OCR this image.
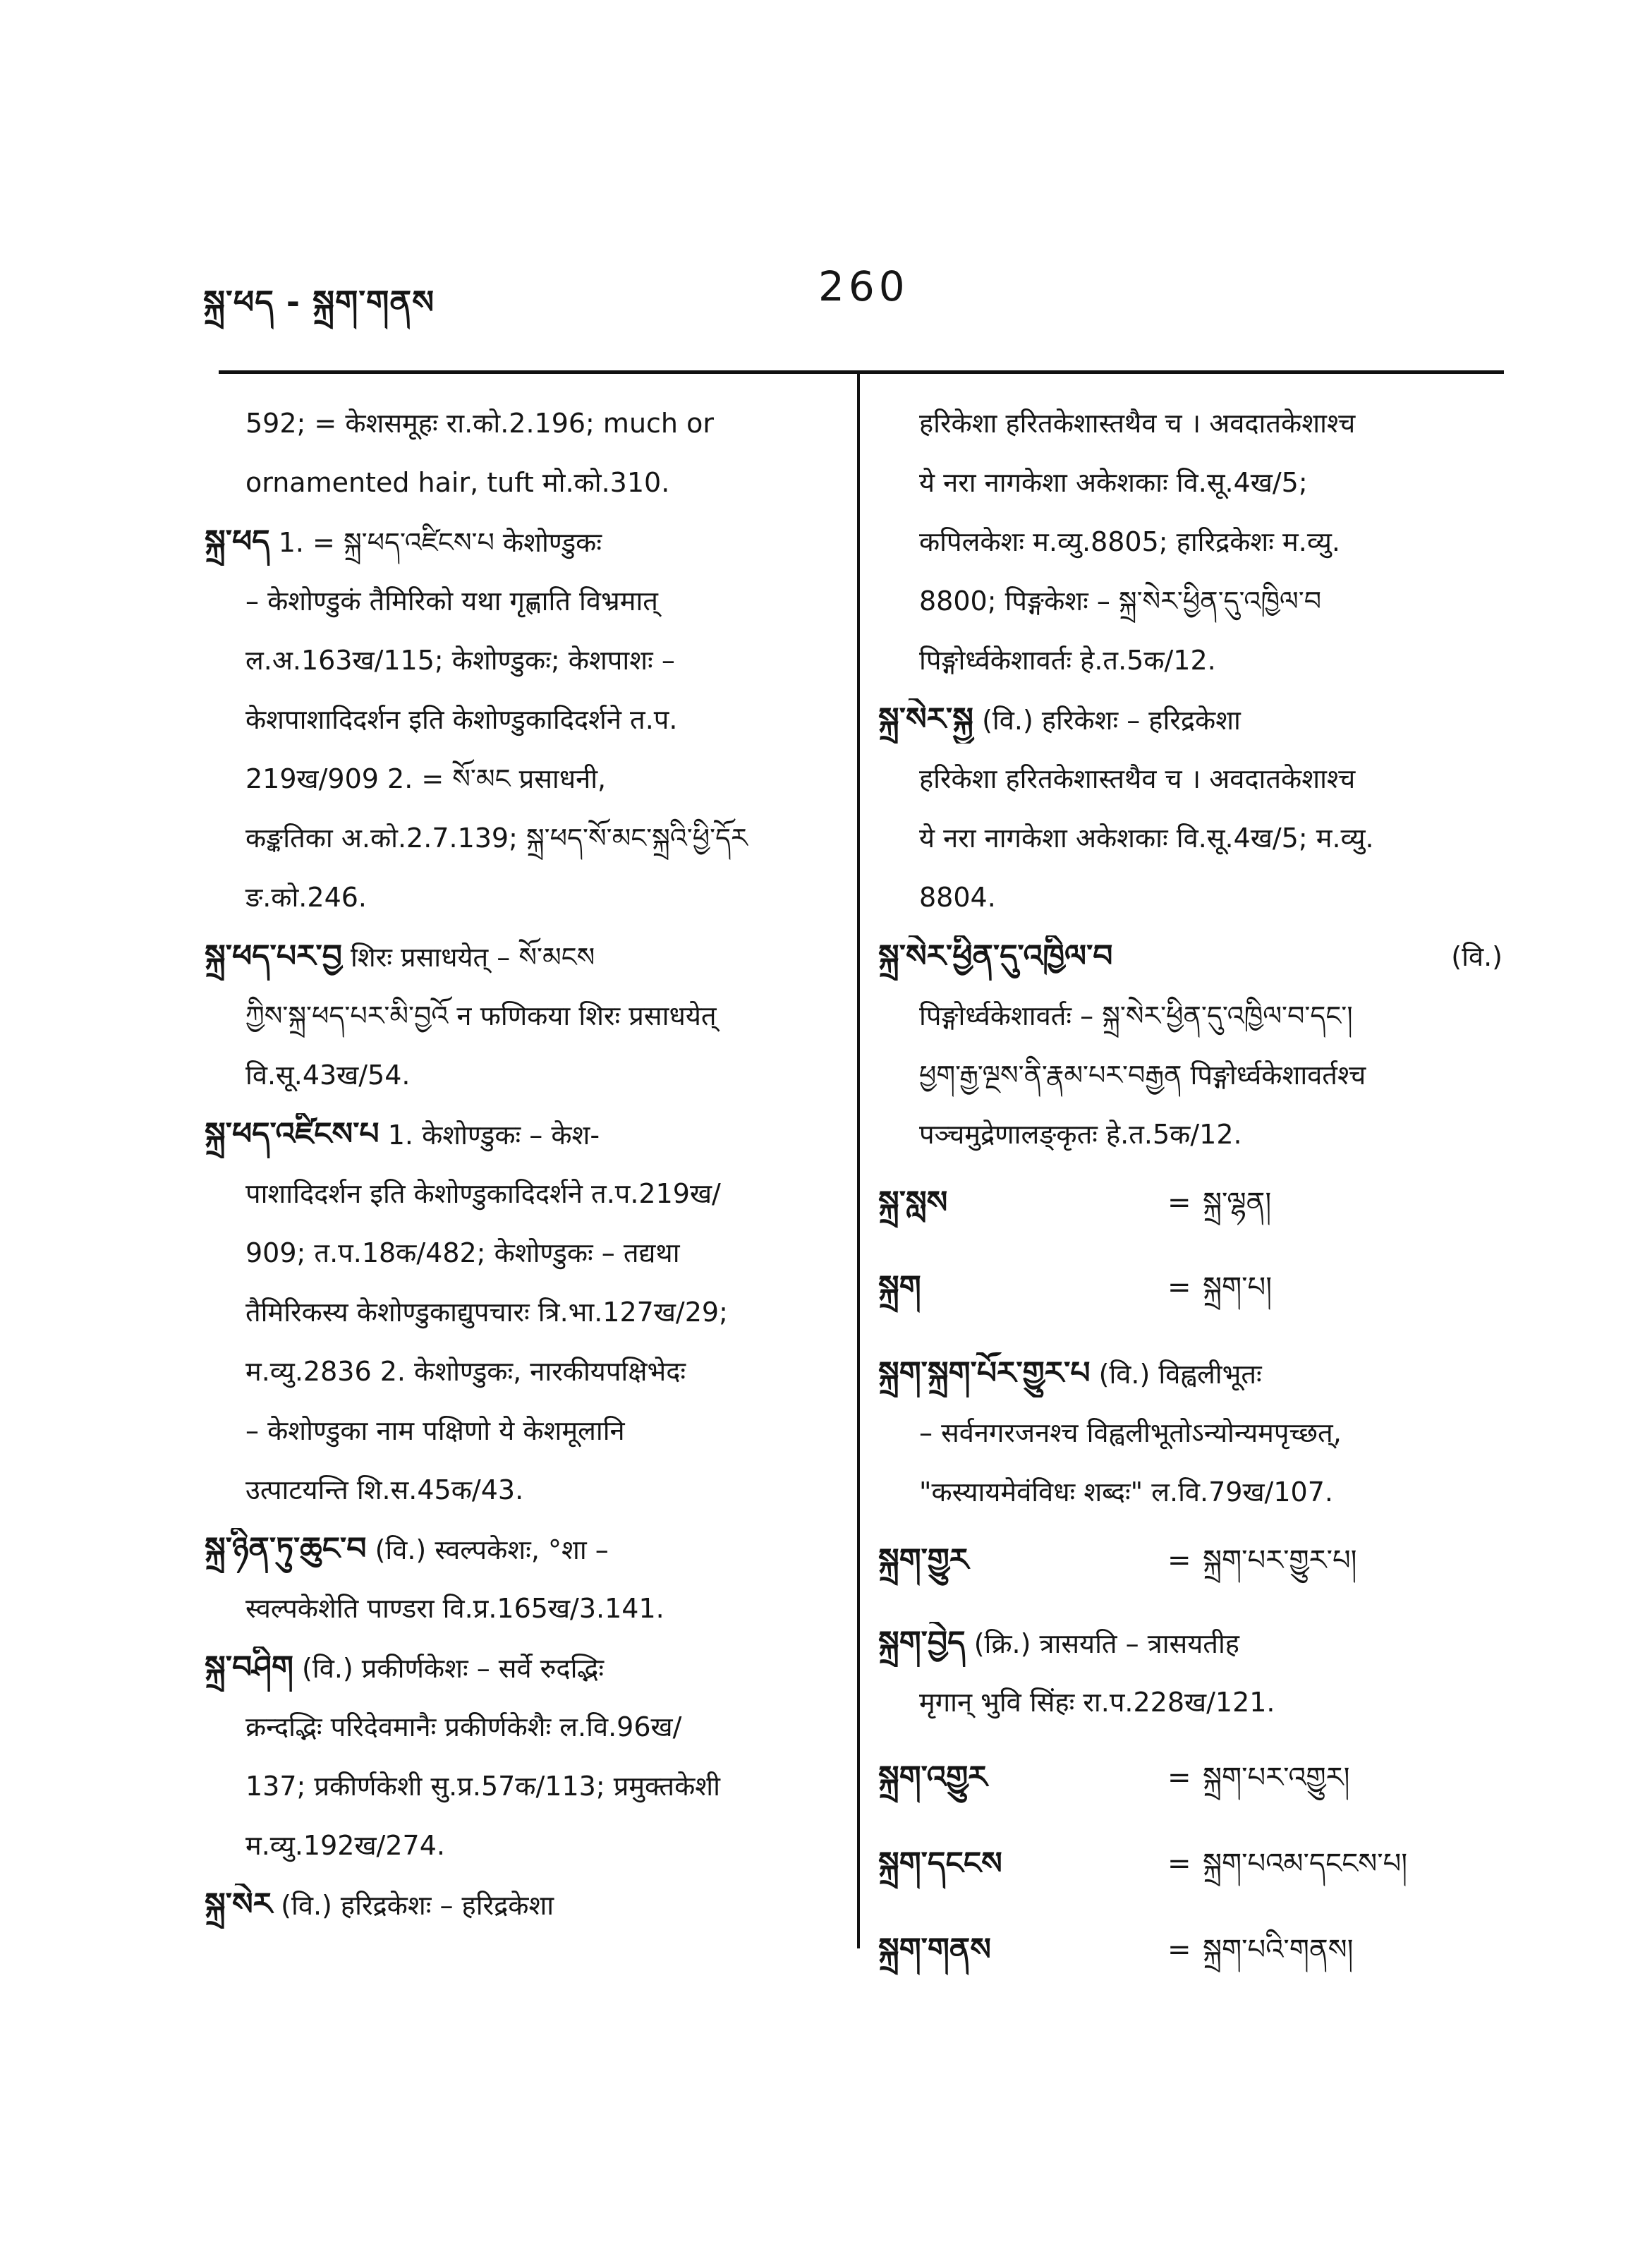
སྐྲ་ཕད - སྐྲག་གནས	260
592; = केशसमूहः रा.को.2.196; much or
ornamented hair, tuft मो.को.310.
སྐྲ་ཕད 1. = སྐྲ་ཕད་འཛིངས་པ केशोण्डुकः
– केशोण्डुकं तैमिरिको यथा गृह्णाति विभ्रमात्
ल.अ.163ख/115; केशोण्डुकः; केशपाशः –
केशपाशादिदर्शन इति केशोण्डुकादिदर्शने त.प.
219ख/909 2. = སོ་མང प्रसाधनी,
कङ्कतिका अ.को.2.7.139; སྐྲ་ཕད་སོ་མང་སྐྲའི་ཕྱི་དོར
ङ.को.246.
སྐྲ་ཕད་པར་བྱ शिरः प्रसाधयेत् – སོ་མངས
ཀྱིས་སྐྲ་ཕད་པར་མི་བྱའོ न फणिकया शिरः प्रसाधयेत्
वि.सू.43ख/54.
སྐྲ་ཕད་འཛིངས་པ 1. केशोण्डुकः – केश-
पाशादिदर्शन इति केशोण्डुकादिदर्शने त.प.219ख/
909; त.प.18क/482; केशोण्डुकः – तद्यथा
तैमिरिकस्य केशोण्डुकाद्युपचारः त्रि.भा.127ख/29;
म.व्यु.2836 2. केशोण्डुकः, नारकीयपक्षिभेदः
– केशोण्डुका नाम पक्षिणो ये केशमूलानि
उत्पाटयन्ति शि.स.45क/43.
སྐྲ་ཉིན་ཏུ་ཆུང་བ (वि.) स्वल्पकेशः, °शा –
स्वल्पकेशेति पाण्डरा वि.प्र.165ख/3.141.
སྐྲ་བཤིག (वि.) प्रकीर्णकेशः – सर्वे रुदद्भिः
क्रन्दद्भिः परिदेवमानैः प्रकीर्णकेशैः ल.वि.96ख/
137; प्रकीर्णकेशी सु.प्र.57क/113; प्रमुक्तकेशी
म.व्यु.192ख/274.
སྐྲ་སེར (वि.) हरिद्रकेशः – हरिद्रकेशा
हरिकेशा हरितकेशास्तथैव च । अवदातकेशाश्च
ये नरा नागकेशा अकेशकाः वि.सू.4ख/5;
कपिलकेशः म.व्यु.8805; हारिद्रकेशः म.व्यु.
8800; पिङ्गकेशः – སྐྲ་སེར་ཕྱིན་དུ་འཁྱིལ་བ
पिङ्गोर्ध्वकेशावर्तः हे.त.5क/12.
སྐྲ་སེར་སྐྱ (वि.) हरिकेशः – हरिद्रकेशा
हरिकेशा हरितकेशास्तथैव च । अवदातकेशाश्च
ये नरा नागकेशा अकेशकाः वि.सू.4ख/5; म.व्यु.
8804.
སྐྲ་སེར་ཕྱིན་དུ་འཁྱིལ་བ	(वि.)
पिङ्गोर्ध्वकेशावर्तः – སྐྲ་སེར་ཕྱིན་དུ་འཁྱིལ་བ་དང་།
ཕྱག་རྒྱ་ལྔས་ནི་རྣམ་པར་བརྒྱན पिङ्गोर्ध्वकेशावर्तश्च
पञ्चमुद्रेणालङ्कृतः हे.त.5क/12.
སྐྲ་སླས	= སྐྲ་ལྷན།
སྐྲག	= སྐྲག་པ།
སྐྲག་སྐྲག་པོར་གྱུར་པ (वि.) विह्वलीभूतः
– सर्वनगरजनश्च विह्वलीभूतोऽन्योन्यमपृच्छत्,
"कस्यायमेवंविधः शब्दः" ल.वि.79ख/107.
སྐྲག་གྱུར	= སྐྲག་པར་གྱུར་པ།
སྐྲག་བྱེད (क्रि.) त्रासयति – त्रासयतीह
मृगान् भुवि सिंहः रा.प.228ख/121.
སྐྲག་འགྱུར	= སྐྲག་པར་འགྱུར།
སྐྲག་དངངས	= སྐྲག་པའམ་དངངས་པ།
སྐྲག་གནས	= སྐྲག་པའི་གནས།
